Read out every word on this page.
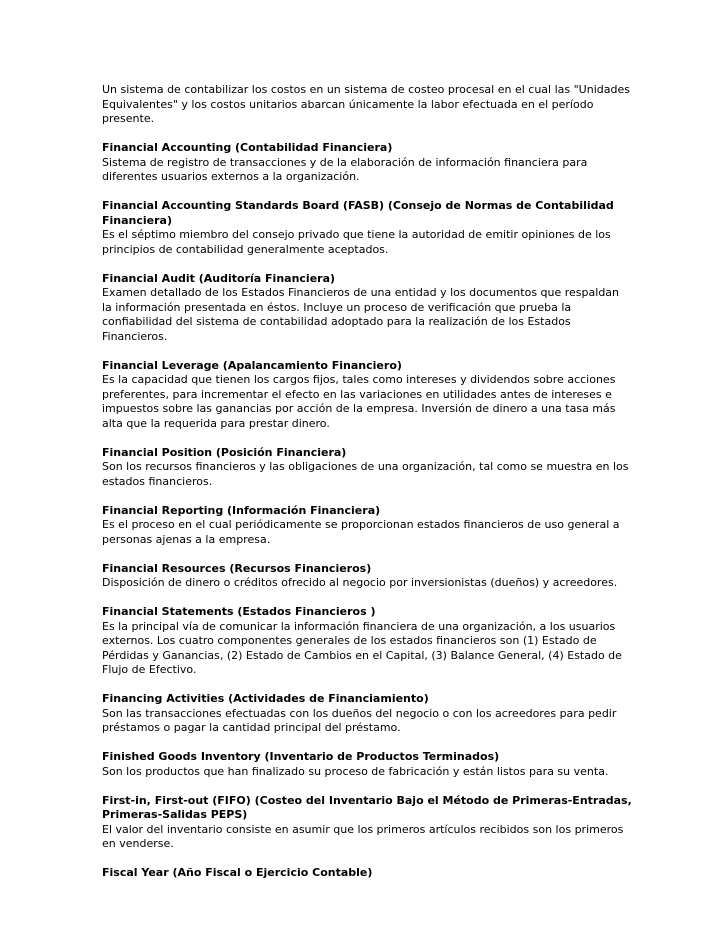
Un sistema de contabilizar los costos en un sistema de costeo procesal en el cual las "Unidades Equivalentes" y los costos unitarios abarcan únicamente la labor efectuada en el período presente.
Financial Accounting (Contabilidad Financiera)
Sistema de registro de transacciones y de la elaboración de información financiera para diferentes usuarios externos a la organización.
Financial Accounting Standards Board (FASB) (Consejo de Normas de Contabilidad Financiera)
Es el séptimo miembro del consejo privado que tiene la autoridad de emitir opiniones de los principios de contabilidad generalmente aceptados.
Financial Audit (Auditoría Financiera)
Examen detallado de los Estados Financieros de una entidad y los documentos que respaldan la información presentada en éstos. Incluye un proceso de verificación que prueba la confiabilidad del sistema de contabilidad adoptado para la realización de los Estados Financieros.
Financial Leverage (Apalancamiento Financiero)
Es la capacidad que tienen los cargos fijos, tales como intereses y dividendos sobre acciones preferentes, para incrementar el efecto en las variaciones en utilidades antes de intereses e impuestos sobre las ganancias por acción de la empresa. Inversión de dinero a una tasa más alta que la requerida para prestar dinero.
Financial Position (Posición Financiera)
Son los recursos financieros y las obligaciones de una organización, tal como se muestra en los estados financieros.
Financial Reporting (Información Financiera)
Es el proceso en el cual periódicamente se proporcionan estados financieros de uso general a personas ajenas a la empresa.
Financial Resources (Recursos Financieros)
Disposición de dinero o créditos ofrecido al negocio por inversionistas (dueños) y acreedores.
Financial Statements (Estados Financieros )
Es la principal vía de comunicar la información financiera de una organización, a los usuarios externos. Los cuatro componentes generales de los estados financieros son (1) Estado de Pérdidas y Ganancias, (2) Estado de Cambios en el Capital, (3) Balance General, (4) Estado de Flujo de Efectivo.
Financing Activities (Actividades de Financiamiento)
Son las transacciones efectuadas con los dueños del negocio o con los acreedores para pedir préstamos o pagar la cantidad principal del préstamo.
Finished Goods Inventory (Inventario de Productos Terminados)
Son los productos que han finalizado su proceso de fabricación y están listos para su venta.
First-in, First-out (FIFO) (Costeo del Inventario Bajo el Método de Primeras-Entradas, Primeras-Salidas PEPS)
El valor del inventario consiste en asumir que los primeros artículos recibidos son los primeros en venderse.
Fiscal Year (Año Fiscal o Ejercicio Contable)
